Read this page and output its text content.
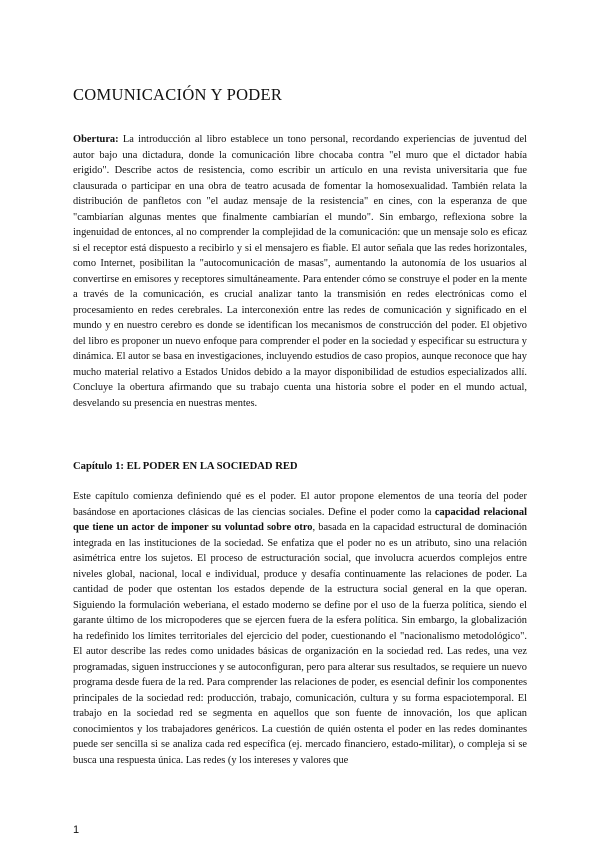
COMUNICACIÓN Y PODER

Obertura: La introducción al libro establece un tono personal, recordando experiencias de juventud del autor bajo una dictadura, donde la comunicación libre chocaba contra "el muro que el dictador había erigido". Describe actos de resistencia, como escribir un artículo en una revista universitaria que fue clausurada o participar en una obra de teatro acusada de fomentar la homosexualidad. También relata la distribución de panfletos con "el audaz mensaje de la resistencia" en cines, con la esperanza de que "cambiarían algunas mentes que finalmente cambiarían el mundo". Sin embargo, reflexiona sobre la ingenuidad de entonces, al no comprender la complejidad de la comunicación: que un mensaje solo es eficaz si el receptor está dispuesto a recibirlo y si el mensajero es fiable. El autor señala que las redes horizontales, como Internet, posibilitan la "autocomunicación de masas", aumentando la autonomía de los usuarios al convertirse en emisores y receptores simultáneamente. Para entender cómo se construye el poder en la mente a través de la comunicación, es crucial analizar tanto la transmisión en redes electrónicas como el procesamiento en redes cerebrales. La interconexión entre las redes de comunicación y significado en el mundo y en nuestro cerebro es donde se identifican los mecanismos de construcción del poder. El objetivo del libro es proponer un nuevo enfoque para comprender el poder en la sociedad y especificar su estructura y dinámica. El autor se basa en investigaciones, incluyendo estudios de caso propios, aunque reconoce que hay mucho material relativo a Estados Unidos debido a la mayor disponibilidad de estudios especializados allí. Concluye la obertura afirmando que su trabajo cuenta una historia sobre el poder en el mundo actual, desvelando su presencia en nuestras mentes.

Capítulo 1: EL PODER EN LA SOCIEDAD RED

Este capítulo comienza definiendo qué es el poder. El autor propone elementos de una teoría del poder basándose en aportaciones clásicas de las ciencias sociales. Define el poder como la capacidad relacional que tiene un actor de imponer su voluntad sobre otro, basada en la capacidad estructural de dominación integrada en las instituciones de la sociedad. Se enfatiza que el poder no es un atributo, sino una relación asimétrica entre los sujetos. El proceso de estructuración social, que involucra acuerdos complejos entre niveles global, nacional, local e individual, produce y desafía continuamente las relaciones de poder. La cantidad de poder que ostentan los estados depende de la estructura social general en la que operan. Siguiendo la formulación weberiana, el estado moderno se define por el uso de la fuerza política, siendo el garante último de los micropoderes que se ejercen fuera de la esfera política. Sin embargo, la globalización ha redefinido los límites territoriales del ejercicio del poder, cuestionando el "nacionalismo metodológico". El autor describe las redes como unidades básicas de organización en la sociedad red. Las redes, una vez programadas, siguen instrucciones y se autoconfiguran, pero para alterar sus resultados, se requiere un nuevo programa desde fuera de la red. Para comprender las relaciones de poder, es esencial definir los componentes principales de la sociedad red: producción, trabajo, comunicación, cultura y su forma espaciotemporal. El trabajo en la sociedad red se segmenta en aquellos que son fuente de innovación, los que aplican conocimientos y los trabajadores genéricos. La cuestión de quién ostenta el poder en las redes dominantes puede ser sencilla si se analiza cada red específica (ej. mercado financiero, estado-militar), o compleja si se busca una respuesta única. Las redes (y los intereses y valores que

1
